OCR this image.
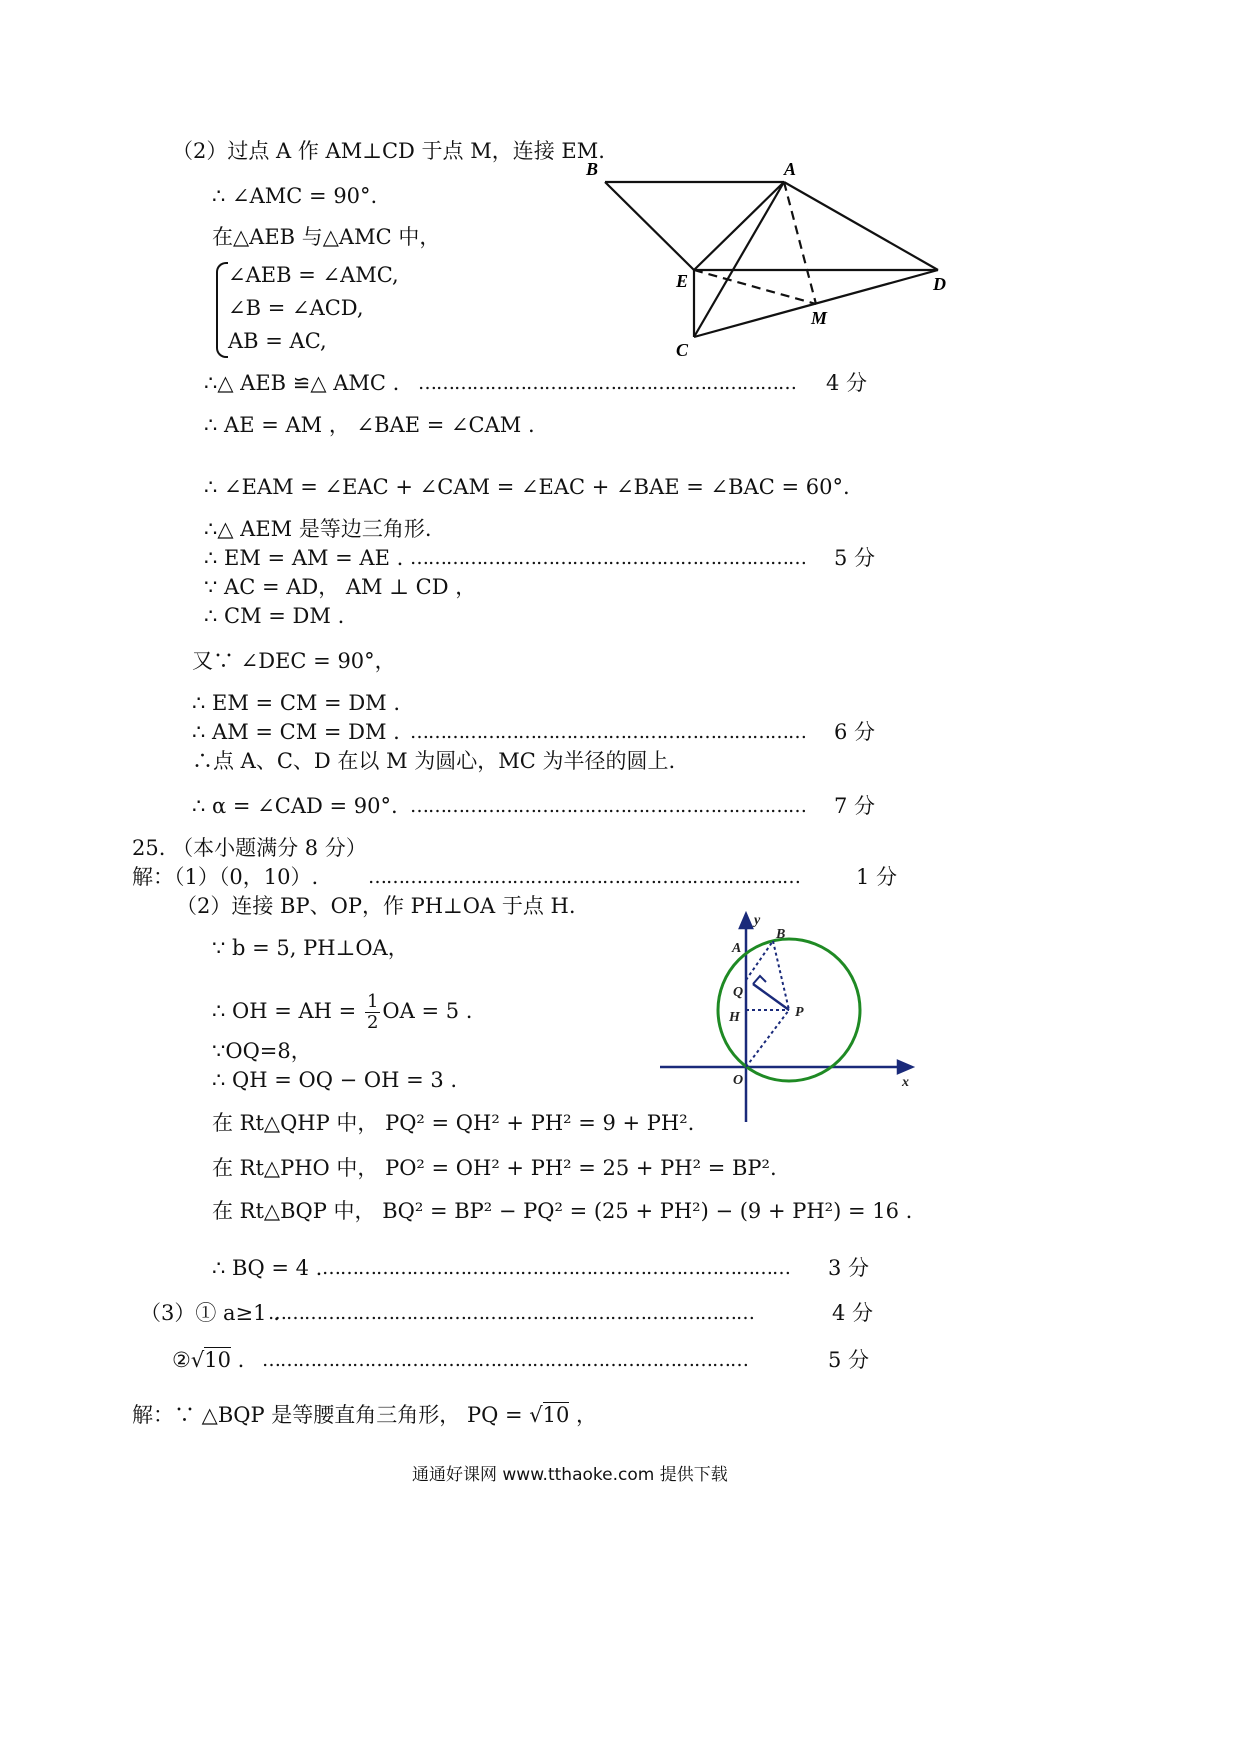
（2）过点 A 作 AM⊥CD 于点 M，连接 EM.
∴ ∠AMC = 90°.
在△AEB 与△AMC 中，
∠AEB = ∠AMC,
∠B = ∠ACD,
AB = AC,
∴△ AEB ≌△ AMC . ……………………………………………………… 4 分
∴ AE = AM ， ∠BAE = ∠CAM .
∴ ∠EAM = ∠EAC + ∠CAM = ∠EAC + ∠BAE = ∠BAC = 60°.
∴△ AEM 是等边三角形.
∴ EM = AM = AE . ………………………………………………………… 5 分
∵ AC = AD， AM ⊥ CD ，
∴ CM = DM .
又∵ ∠DEC = 90°，
∴ EM = CM = DM .
∴ AM = CM = DM . ………………………………………………………… 6 分
∴点 A、C、D 在以 M 为圆心，MC 为半径的圆上.
∴ α = ∠CAD = 90°. ………………………………………………………… 7 分
B	A
E	D
M
C
25. （本小题满分 8 分）
解：（1）（0，10）.	………………………………………………………………	1 分
（2）连接 BP、OP，作 PH⊥OA 于点 H.
∵ b = 5, PH⊥OA，
∴ OH = AH = $\frac{1}{2}$ OA = 5 .
∵OQ=8，
∴ QH = OQ − OH = 3 .
在 Rt△QHP 中， PQ² = QH² + PH² = 9 + PH².
在 Rt△PHO 中， PO² = OH² + PH² = 25 + PH² = BP².
在 Rt△BQP 中， BQ² = BP² − PQ² = (25 + PH²) − (9 + PH²) = 16 .
∴ BQ = 4 . …………………………………………………………………… 3 分
（3）① a≥1 .
………………………………………………………………………	4 分
②√10 . ………………………………………………………………………	5 分
解：∵ △BQP 是等腰直角三角形， PQ = √10 ，
y
B
A
Q
H	P
O	x
通通好课网 www.tthaoke.com 提供下载
